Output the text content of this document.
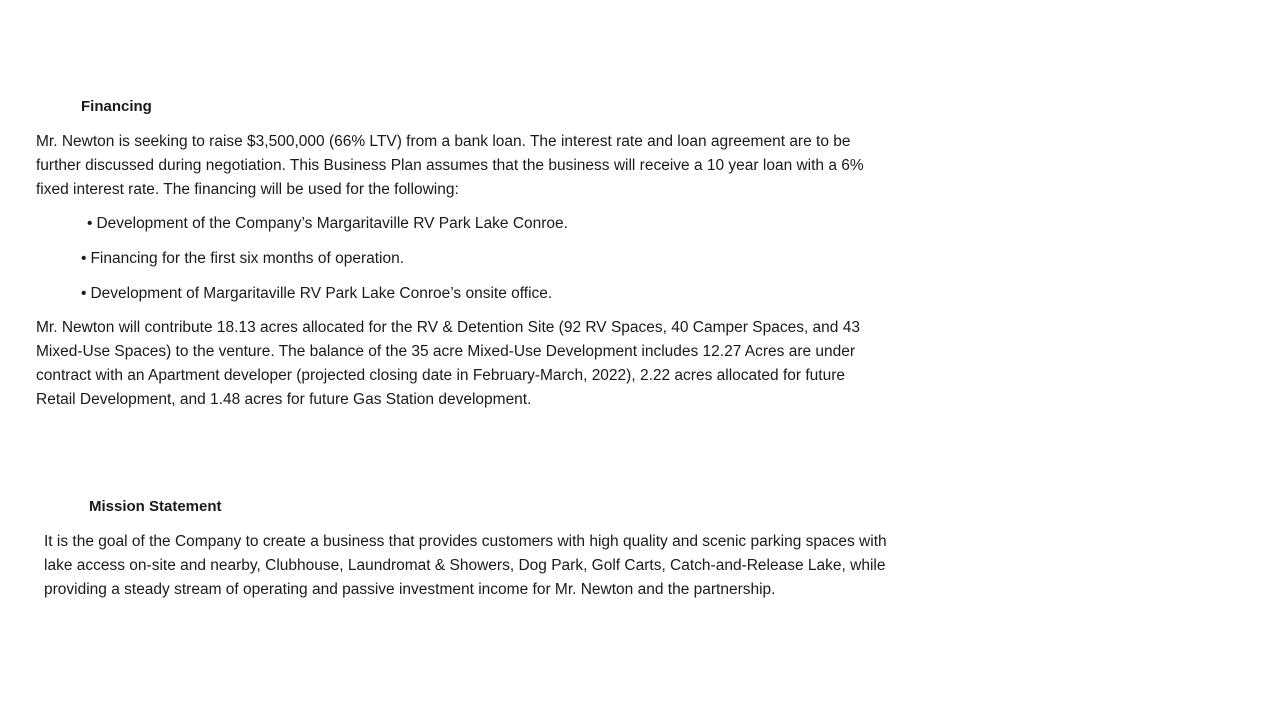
Financing

Mr. Newton is seeking to raise $3,500,000 (66% LTV) from a bank loan. The interest rate and loan agreement are to be further discussed during negotiation. This Business Plan assumes that the business will receive a 10 year loan with a 6% fixed interest rate. The financing will be used for the following:

• Development of the Company’s Margaritaville RV Park Lake Conroe.
• Financing for the first six months of operation.
• Development of Margaritaville RV Park Lake Conroe’s onsite office.

Mr. Newton will contribute 18.13 acres allocated for the RV & Detention Site (92 RV Spaces, 40 Camper Spaces, and 43 Mixed-Use Spaces) to the venture. The balance of the 35 acre Mixed-Use Development includes 12.27 Acres are under contract with an Apartment developer (projected closing date in February-March, 2022), 2.22 acres allocated for future Retail Development, and 1.48 acres for future Gas Station development.

Mission Statement

It is the goal of the Company to create a business that provides customers with high quality and scenic parking spaces with lake access on-site and nearby, Clubhouse, Laundromat & Showers, Dog Park, Golf Carts, Catch-and-Release Lake, while providing a steady stream of operating and passive investment income for Mr. Newton and the partnership.
